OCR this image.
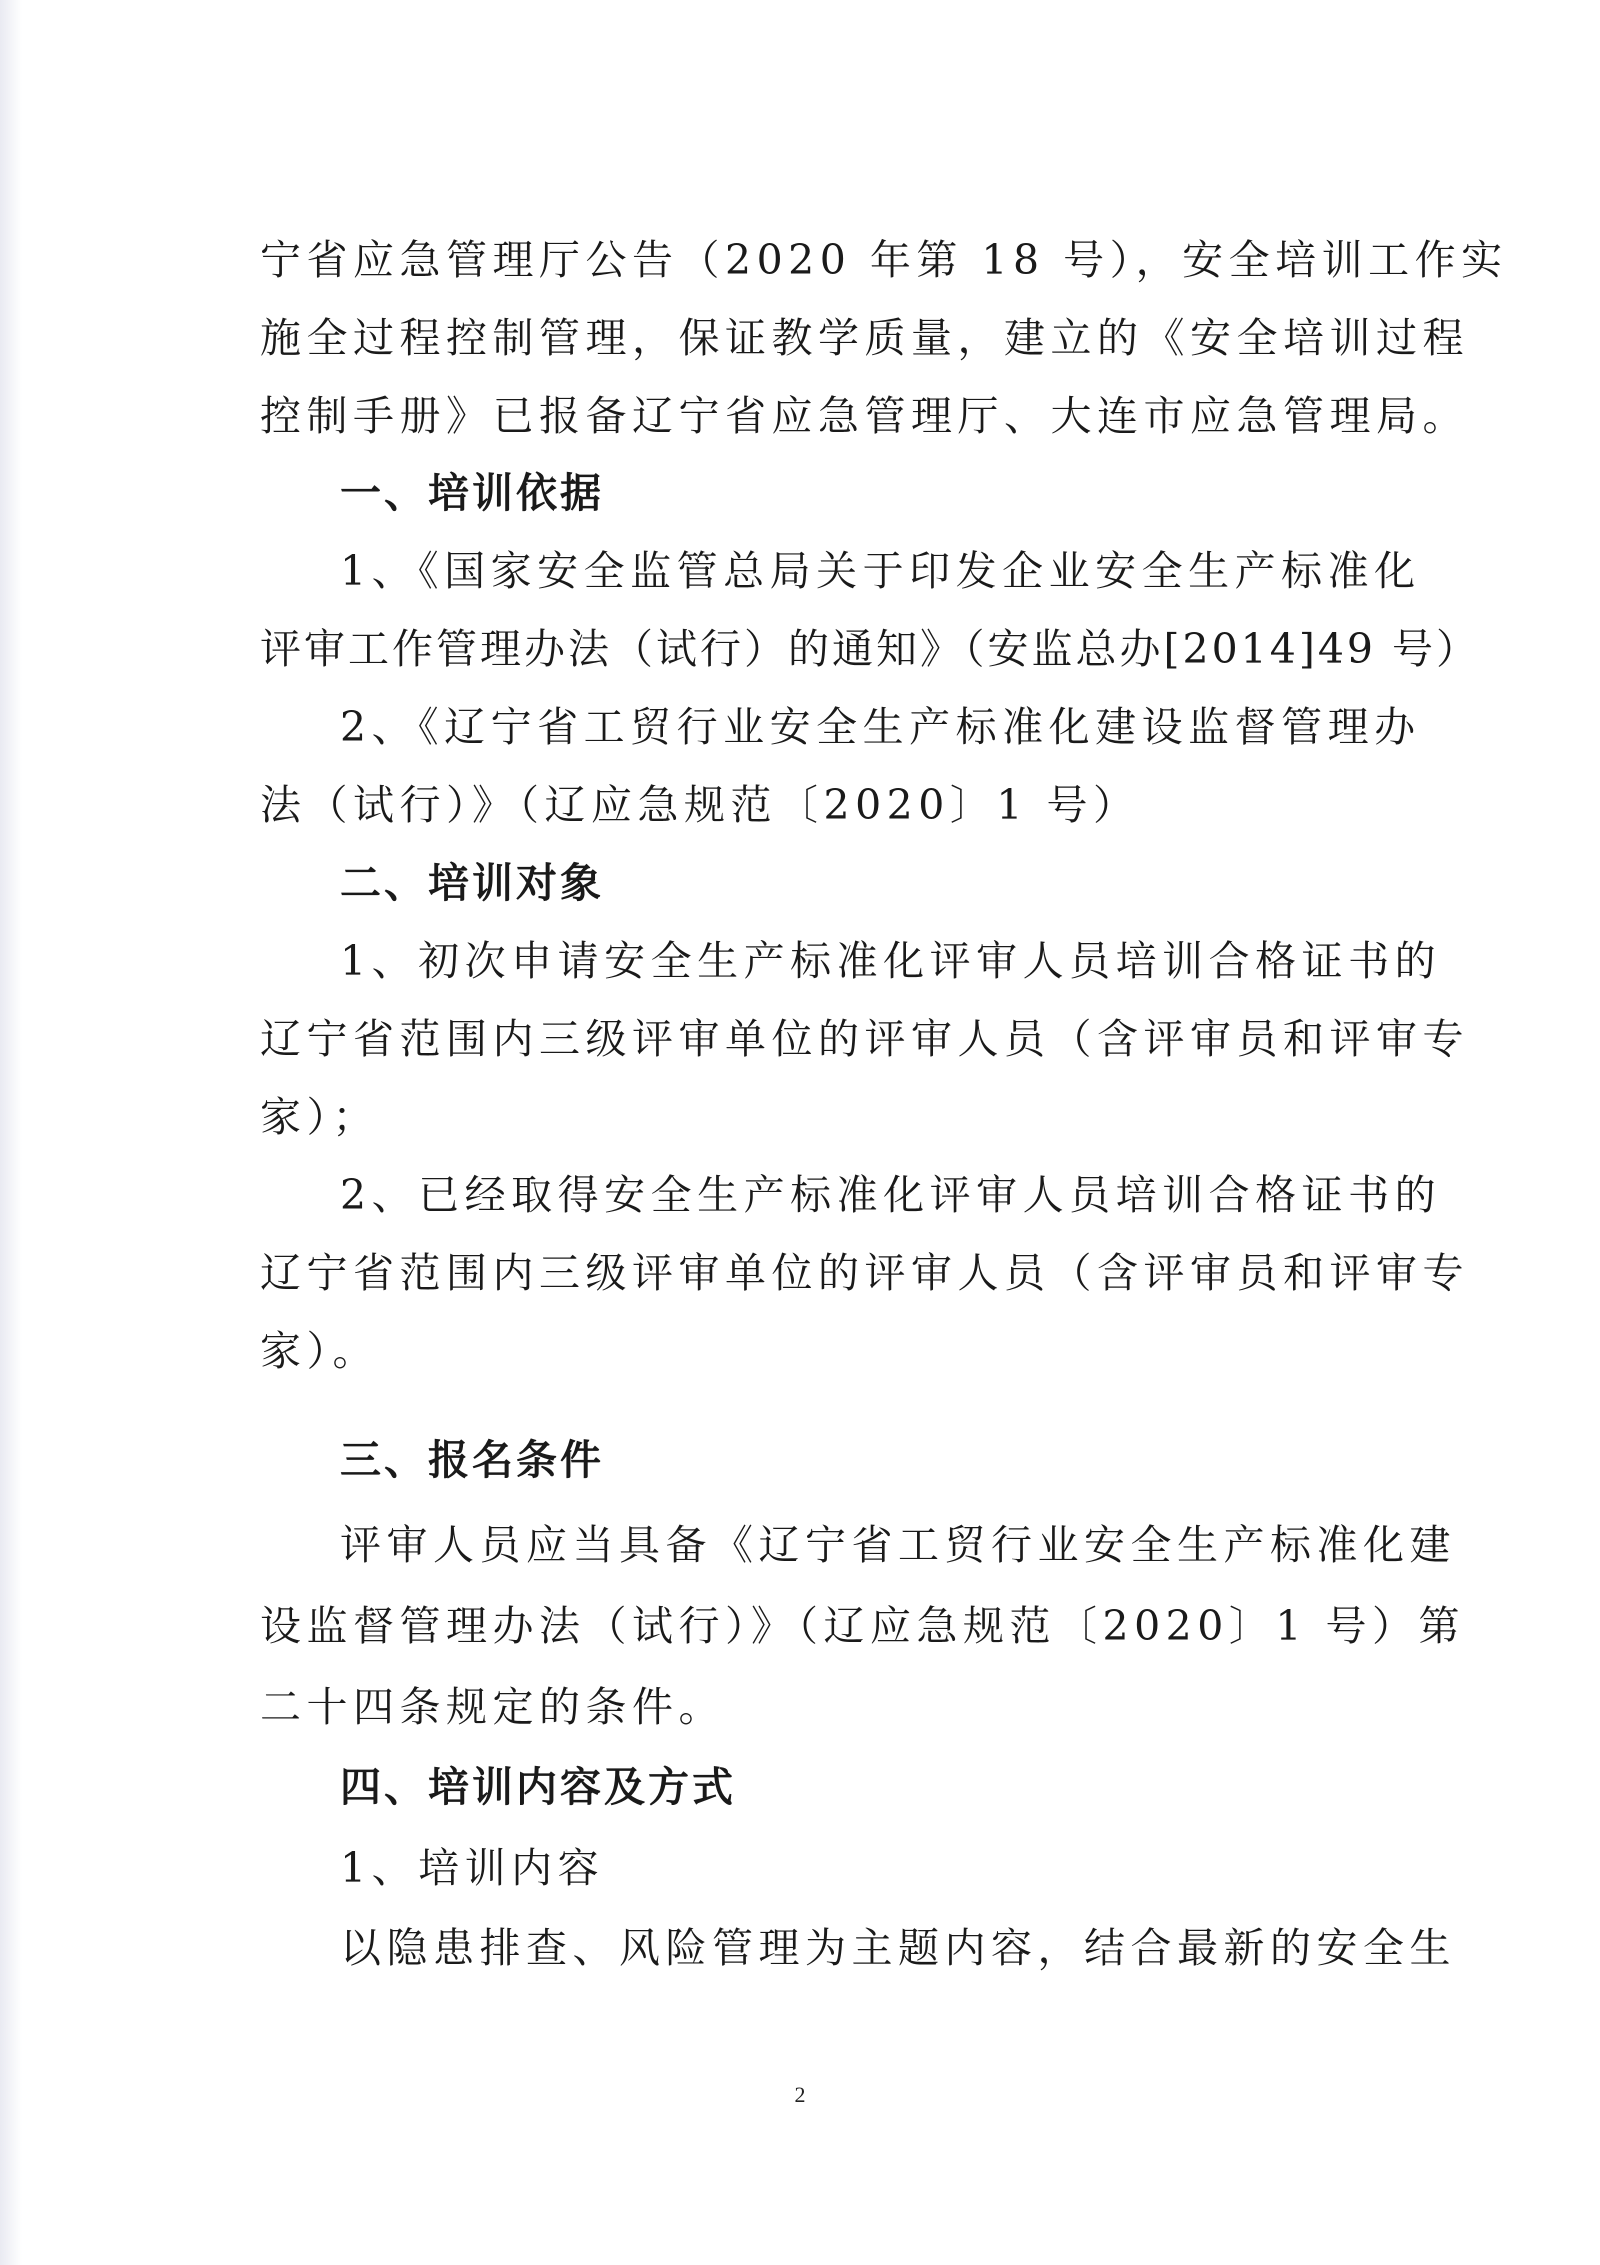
宁省应急管理厅公告（2020 年第 18 号），安全培训工作实
施全过程控制管理，保证教学质量，建立的《安全培训过程
控制手册》已报备辽宁省应急管理厅、大连市应急管理局。
一、培训依据
1、《国家安全监管总局关于印发企业安全生产标准化
评审工作管理办法（试行）的通知》（安监总办[2014]49 号）
2、《辽宁省工贸行业安全生产标准化建设监督管理办
法（试行）》（辽应急规范〔2020〕1 号）
二、培训对象
1、初次申请安全生产标准化评审人员培训合格证书的
辽宁省范围内三级评审单位的评审人员（含评审员和评审专
家）；
2、已经取得安全生产标准化评审人员培训合格证书的
辽宁省范围内三级评审单位的评审人员（含评审员和评审专
家）。
三、报名条件
评审人员应当具备《辽宁省工贸行业安全生产标准化建
设监督管理办法（试行）》（辽应急规范〔2020〕1 号）第
二十四条规定的条件。
四、培训内容及方式
1、培训内容
以隐患排查、风险管理为主题内容，结合最新的安全生
2
